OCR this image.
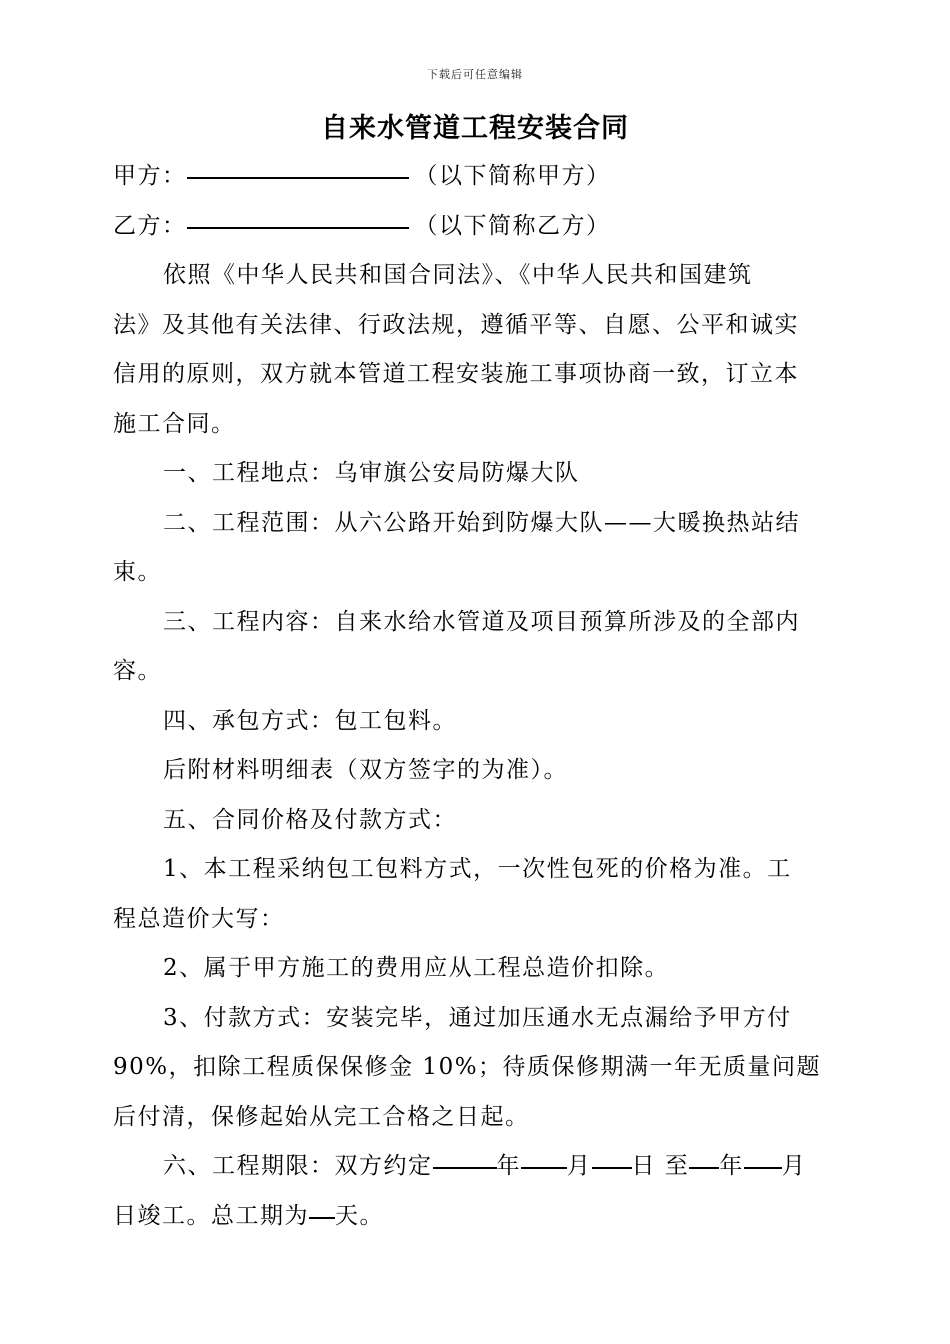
下载后可任意编辑
自来水管道工程安装合同
甲方：	（以下简称甲方）
乙方：	（以下简称乙方）
依照《中华人民共和国合同法》、《中华人民共和国建筑
法》及其他有关法律、行政法规，遵循平等、自愿、公平和诚实
信用的原则，双方就本管道工程安装施工事项协商一致，订立本
施工合同。
一、工程地点：乌审旗公安局防爆大队
二、工程范围：从六公路开始到防爆大队——大暖换热站结
束。
三、工程内容：自来水给水管道及项目预算所涉及的全部内
容。
四、承包方式：包工包料。
后附材料明细表（双方签字的为准）。
五、合同价格及付款方式：
1、本工程采纳包工包料方式，一次性包死的价格为准。工
程总造价大写：
2、属于甲方施工的费用应从工程总造价扣除。
3、付款方式：安装完毕，通过加压通水无点漏给予甲方付
90%，扣除工程质保保修金 10%；待质保修期满一年无质量问题
后付清，保修起始从完工合格之日起。
六、工程期限：双方约定	年 月 日 至 年 月
日竣工。总工期为 天。
